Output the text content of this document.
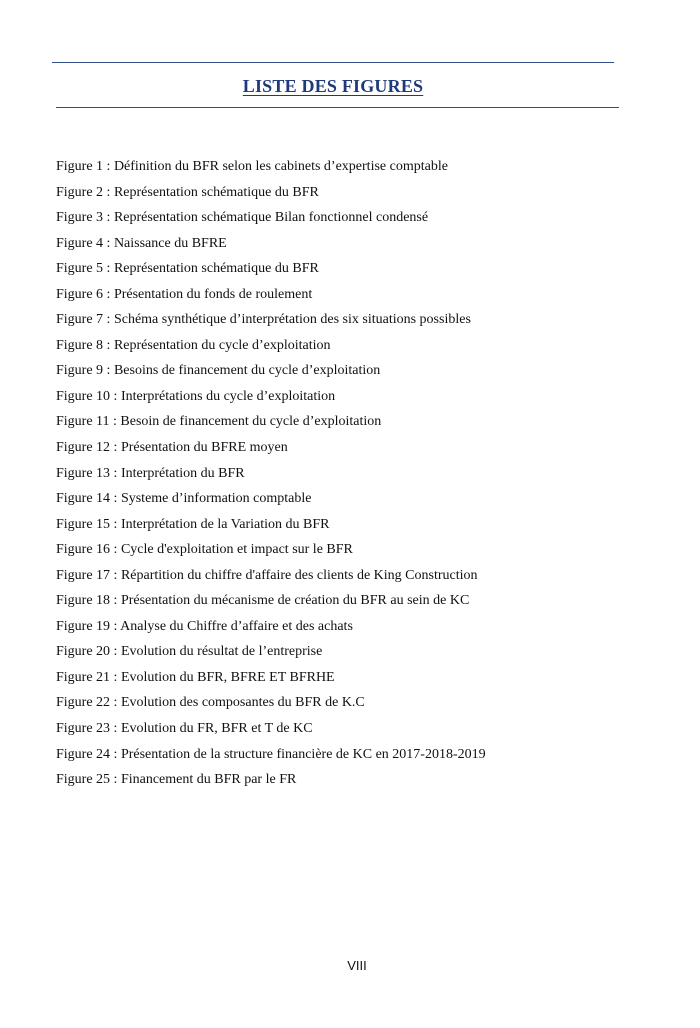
LISTE DES FIGURES
Figure 1 : Définition du BFR selon les cabinets d’expertise comptable
Figure 2 : Représentation schématique du BFR
Figure 3 : Représentation schématique Bilan fonctionnel condensé
Figure 4 : Naissance du BFRE
Figure 5 : Représentation schématique du BFR
Figure 6 : Présentation du fonds de roulement
Figure 7 : Schéma synthétique d’interprétation des six situations possibles
Figure 8 : Représentation du cycle d’exploitation
Figure 9 : Besoins de financement du cycle d’exploitation
Figure 10 : Interprétations du cycle d’exploitation
Figure 11 : Besoin de financement du cycle d’exploitation
Figure 12 : Présentation du BFRE moyen
Figure 13 : Interprétation du BFR
Figure 14 : Systeme d’information comptable
Figure 15 : Interprétation de la Variation du BFR
Figure 16 : Cycle d'exploitation et impact sur le BFR
Figure 17 : Répartition du chiffre d'affaire des clients de King Construction
Figure 18 : Présentation du mécanisme de création du BFR au sein de KC
Figure 19 : Analyse du Chiffre d’affaire et des achats
Figure 20 : Evolution du résultat de l’entreprise
Figure 21 : Evolution du BFR, BFRE ET BFRHE
Figure 22 : Evolution des composantes du BFR de K.C
Figure 23 : Evolution du FR, BFR et T de KC
Figure 24 : Présentation de la structure financière de KC en 2017-2018-2019
Figure 25 : Financement du BFR par le FR
VIII
